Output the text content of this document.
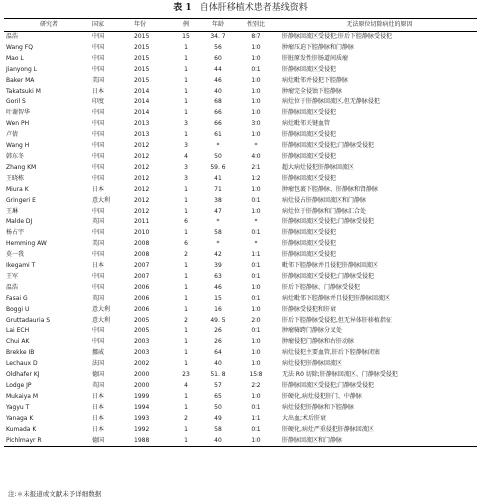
表 1 自体肝移植术患者基线资料
研究者	国家	年份	例	年龄	性别比	无法原位切除病灶的原因
温浩	中国	2015	15	34. 7	8∶7	肝静脉回流区受侵犯;肝后下腔静脉受侵犯
Wang FQ	中国	2015	1	56	1∶0	肿瘤压迫下腔静脉和门静脉
Mao L	中国	2015	1	60	1∶0	肝脏原发性肝肠道间质瘤
Jianyong L	中国	2015	1	44	0∶1	肝静脉回流区受侵犯
Baker MA	美国	2015	1	46	1∶0	病灶毗邻并侵犯下腔静脉
Takatsuki M	日本	2014	1	40	1∶0	肿瘤完全侵蚀下腔静脉
Goril S	印度	2014	1	68	1∶0	病灶位于肝静脉回流区,但无静脉侵犯
叶谢智华	中国	2014	1	66	1∶0	肝静脉回流区受侵犯
Wen PH	中国	2013	3	66	3∶0	病灶毗邻关键血管
卢倩	中国	2013	1	61	1∶0	肝静脉回流区受侵犯
Wang H	中国	2012	3	*	*	肝静脉回流区受侵犯;门静脉受侵犯
韩东冬	中国	2012	4	50	4∶0	肝静脉回流区受侵犯
Zhang KM	中国	2012	3	59. 6	2∶1	超大病灶侵犯肝静脉回流区
王晓栋	中国	2012	3	41	1∶2	肝静脉回流区受侵犯
Miura K	日本	2012	1	71	1∶0	肿瘤包裹下腔静脉、肝静脉和肾静脉
Gringeri E	意大利	2012	1	38	0∶1	病灶侵占肝静脉回流区和门静脉
王琳	中国	2012	1	47	1∶0	病灶位于肝静脉和门静脉汇合处
Malde DJ	英国	2011	6	*	*	肝静脉回流区受侵犯;门静脉受侵犯
杨占宇	中国	2010	1	58	0∶1	肝静脉回流区受侵犯
Hemming AW	美国	2008	6	*	*	肝静脉回流区受侵犯
莫一我	中国	2008	2	42	1∶1	肝静脉回流区受侵犯
Ikegami T	日本	2007	1	39	0∶1	毗邻下腔静脉并且侵犯肝静脉回流区
王军	中国	2007	1	63	0∶1	肝静脉回流区受侵犯;门静脉受侵犯
温浩	中国	2006	1	46	1∶0	肝后下腔静脉、门静脉受侵犯
Fasai G	英国	2006	1	15	0∶1	病灶毗邻下腔静脉并且侵犯肝静脉回流区
Boggi U	意大利	2006	1	16	1∶0	肝静脉受侵犯和肝衰
Gruttadauria S	意大利	2005	2	49. 5	2∶0	肝后下腔静脉受侵犯,但无异体肝移植指征
Lai ECH	中国	2005	1	26	0∶1	肿瘤骑跨门静脉分叉处
Chui AK	中国	2003	1	26	1∶0	肿瘤侵犯门静脉和右肝动脉
Brekke IB	挪威	2003	1	64	1∶0	病灶侵犯主要血管,肝后下腔静脉闭塞
Lechaux D	法国	2002	1	40	1∶0	病灶侵犯肝静脉回流区
Oldhafer KJ	德国	2000	23	51. 8	15∶8	无法 R0 切除;肝静脉回流区、门静脉受侵犯
Lodge JP	英国	2000	4	57	2∶2	肝静脉回流区受侵犯;门静脉受侵犯
Mukaiya M	日本	1999	1	65	1∶0	肝硬化,病灶侵犯肝门、中静脉
Yagyu T	日本	1994	1	50	0∶1	病灶侵犯肝静脉和下腔静脉
Yanaga K	日本	1993	2	49	1∶1	大出血;术后肝衰
Kumada K	日本	1992	1	58	0∶1	肝硬化,病灶严重侵犯肝静脉回流区
Pichlmayr R	德国	1988	1	40	1∶0	肝静脉回流区和门静脉
注:＊未报道或文献未予详细数据
